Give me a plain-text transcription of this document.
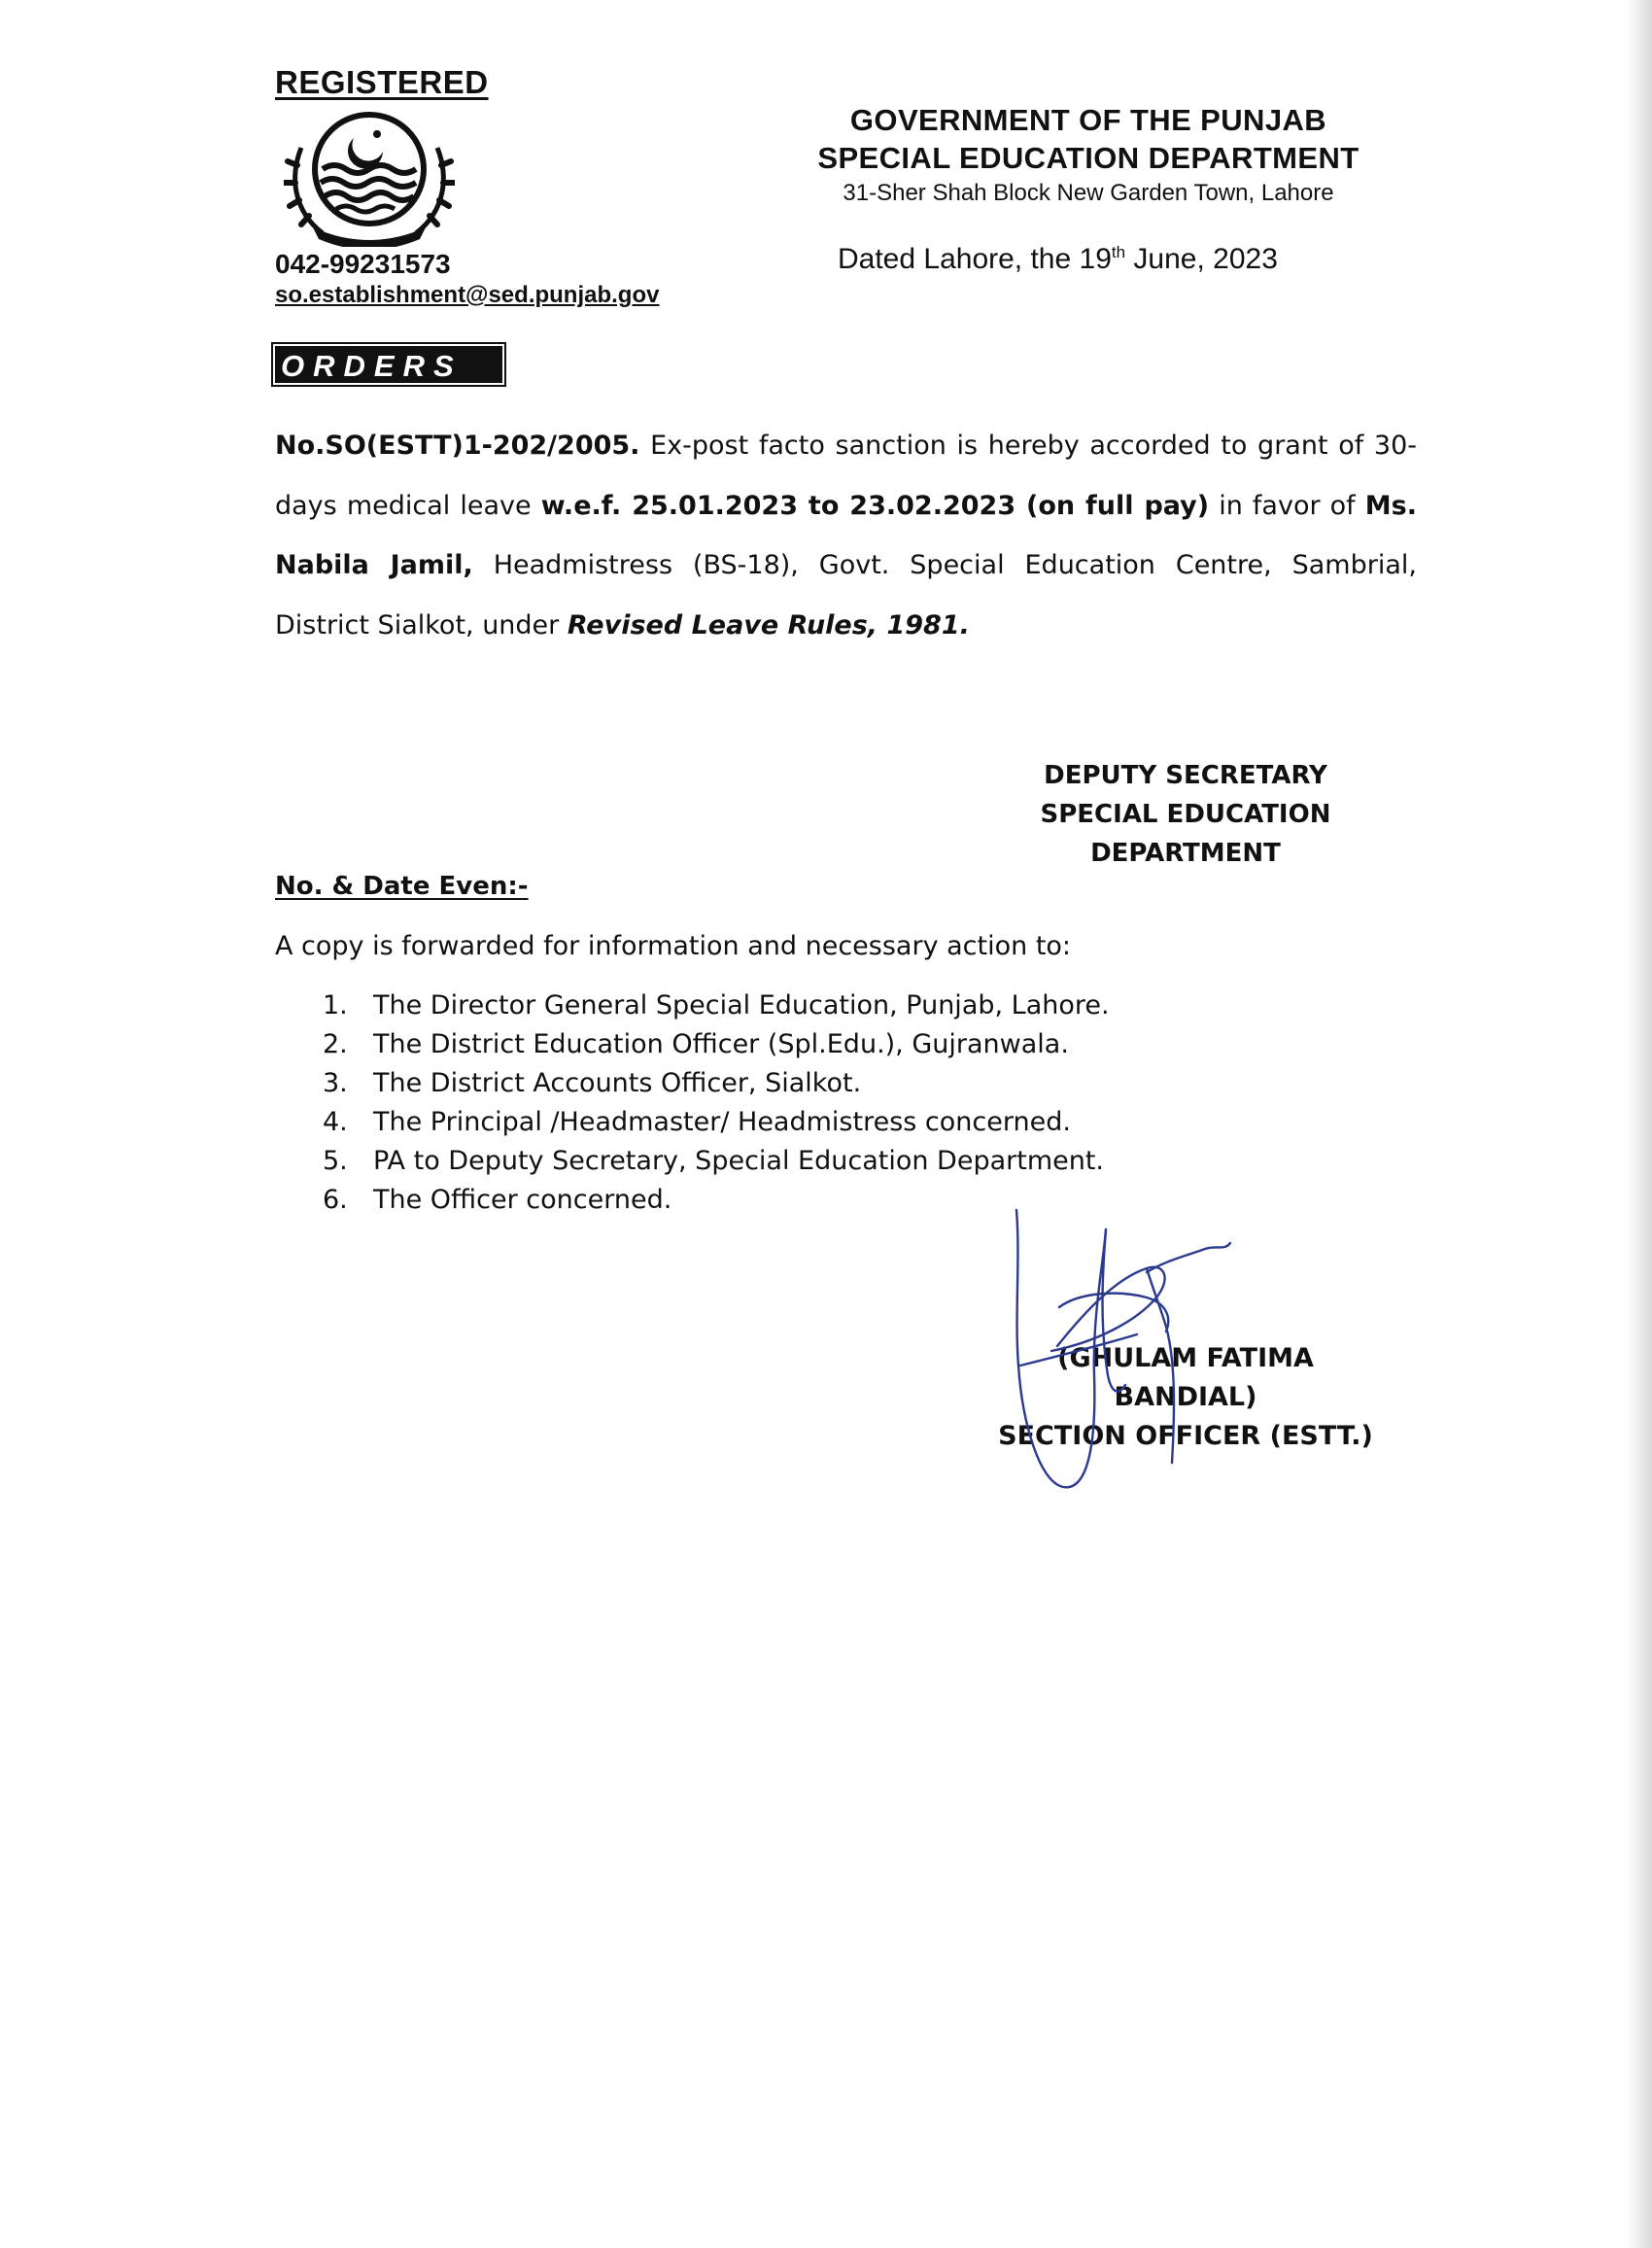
REGISTERED
042-99231573
so.establishment@sed.punjab.gov
GOVERNMENT OF THE PUNJAB
SPECIAL EDUCATION DEPARTMENT
31-Sher Shah Block New Garden Town, Lahore
Dated Lahore, the 19th June, 2023
ORDERS
No.SO(ESTT)1-202/2005. Ex-post facto sanction is hereby accorded to grant of 30-days medical leave w.e.f. 25.01.2023 to 23.02.2023 (on full pay) in favor of Ms. Nabila Jamil, Headmistress (BS-18), Govt. Special Education Centre, Sambrial, District Sialkot, under Revised Leave Rules, 1981.
DEPUTY SECRETARY
SPECIAL EDUCATION
DEPARTMENT
No. & Date Even:-
A copy is forwarded for information and necessary action to:
1. The Director General Special Education, Punjab, Lahore.
2. The District Education Officer (Spl.Edu.), Gujranwala.
3. The District Accounts Officer, Sialkot.
4. The Principal /Headmaster/ Headmistress concerned.
5. PA to Deputy Secretary, Special Education Department.
6. The Officer concerned.
(GHULAM FATIMA BANDIAL)
SECTION OFFICER (ESTT.)
